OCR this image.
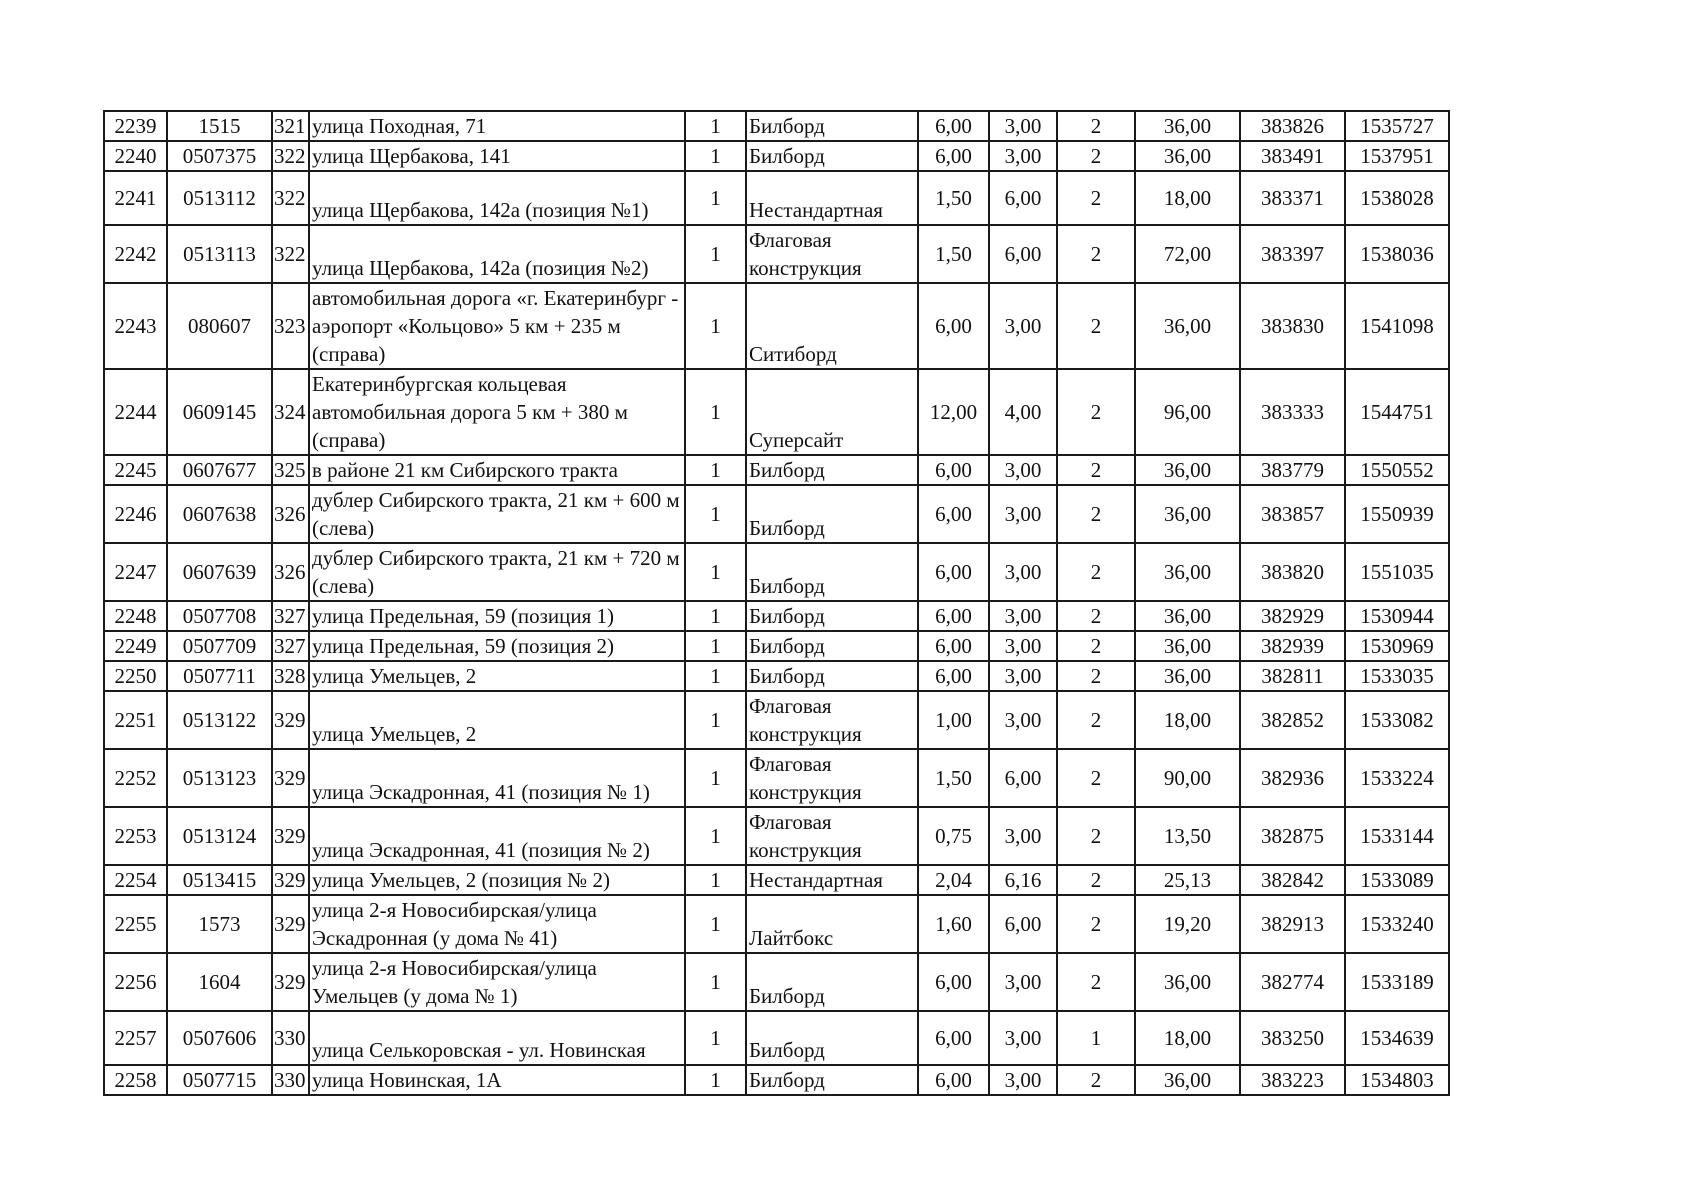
2239	1515	321	улица Походная, 71	1	Билборд	6,00	3,00	2	36,00	383826	1535727
2240	0507375	322	улица Щербакова, 141	1	Билборд	6,00	3,00	2	36,00	383491	1537951
2241	0513112	322	улица Щербакова, 142а (позиция №1)	1	Нестандартная	1,50	6,00	2	18,00	383371	1538028
2242	0513113	322	улица Щербакова, 142а (позиция №2)	1	Флаговая конструкция	1,50	6,00	2	72,00	383397	1538036
2243	080607	323	автомобильная дорога «г. Екатеринбург - аэропорт «Кольцово» 5 км + 235 м (справа)	1	Ситиборд	6,00	3,00	2	36,00	383830	1541098
2244	0609145	324	Екатеринбургская кольцевая автомобильная дорога 5 км + 380 м (справа)	1	Суперсайт	12,00	4,00	2	96,00	383333	1544751
2245	0607677	325	в районе 21 км Сибирского тракта	1	Билборд	6,00	3,00	2	36,00	383779	1550552
2246	0607638	326	дублер Сибирского тракта, 21 км + 600 м (слева)	1	Билборд	6,00	3,00	2	36,00	383857	1550939
2247	0607639	326	дублер Сибирского тракта, 21 км + 720 м (слева)	1	Билборд	6,00	3,00	2	36,00	383820	1551035
2248	0507708	327	улица Предельная, 59 (позиция 1)	1	Билборд	6,00	3,00	2	36,00	382929	1530944
2249	0507709	327	улица Предельная, 59 (позиция 2)	1	Билборд	6,00	3,00	2	36,00	382939	1530969
2250	0507711	328	улица Умельцев, 2	1	Билборд	6,00	3,00	2	36,00	382811	1533035
2251	0513122	329	улица Умельцев, 2	1	Флаговая конструкция	1,00	3,00	2	18,00	382852	1533082
2252	0513123	329	улица Эскадронная, 41 (позиция № 1)	1	Флаговая конструкция	1,50	6,00	2	90,00	382936	1533224
2253	0513124	329	улица Эскадронная, 41 (позиция № 2)	1	Флаговая конструкция	0,75	3,00	2	13,50	382875	1533144
2254	0513415	329	улица Умельцев, 2 (позиция № 2)	1	Нестандартная	2,04	6,16	2	25,13	382842	1533089
2255	1573	329	улица 2-я Новосибирская/улица Эскадронная (у дома № 41)	1	Лайтбокс	1,60	6,00	2	19,20	382913	1533240
2256	1604	329	улица 2-я Новосибирская/улица Умельцев (у дома № 1)	1	Билборд	6,00	3,00	2	36,00	382774	1533189
2257	0507606	330	улица Селькоровская - ул. Новинская	1	Билборд	6,00	3,00	1	18,00	383250	1534639
2258	0507715	330	улица Новинская, 1А	1	Билборд	6,00	3,00	2	36,00	383223	1534803
